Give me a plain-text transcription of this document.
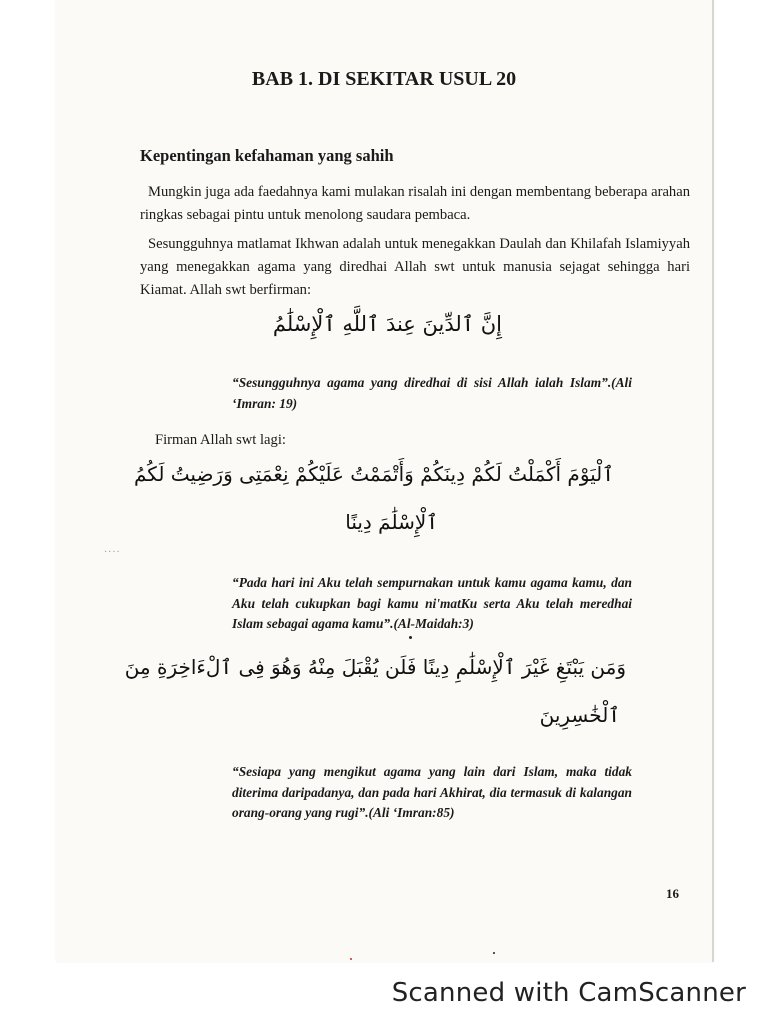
BAB 1. DI SEKITAR USUL 20
Kepentingan kefahaman yang sahih
Mungkin juga ada faedahnya kami mulakan risalah ini dengan membentang beberapa arahan ringkas sebagai pintu untuk menolong saudara pembaca.
Sesungguhnya matlamat Ikhwan adalah untuk menegakkan Daulah dan Khilafah Islamiyyah yang menegakkan agama yang diredhai Allah swt untuk manusia sejagat sehingga hari Kiamat. Allah swt berfirman:
إِنَّ ٱلدِّينَ عِندَ ٱللَّهِ ٱلْإِسْلَٰمُ
“Sesungguhnya agama yang diredhai di sisi Allah ialah Islam”.(Ali ‘Imran: 19)
Firman Allah swt lagi:
ٱلْيَوْمَ أَكْمَلْتُ لَكُمْ دِينَكُمْ وَأَتْمَمْتُ عَلَيْكُمْ نِعْمَتِى وَرَضِيتُ لَكُمُ
ٱلْإِسْلَٰمَ دِينًا
“Pada hari ini Aku telah sempurnakan untuk kamu agama kamu, dan Aku telah cukupkan bagi kamu ni'matKu serta Aku telah meredhai Islam sebagai agama kamu”.(Al-Maidah:3)
وَمَن يَبْتَغِ غَيْرَ ٱلْإِسْلَٰمِ دِينًا فَلَن يُقْبَلَ مِنْهُ وَهُوَ فِى ٱلْءَاخِرَةِ مِنَ
ٱلْخَٰسِرِينَ
“Sesiapa yang mengikut agama yang lain dari Islam, maka tidak diterima daripadanya, dan pada hari Akhirat, dia termasuk di kalangan orang-orang yang rugi”.(Ali ‘Imran:85)
16
....
Scanned with CamScanner
